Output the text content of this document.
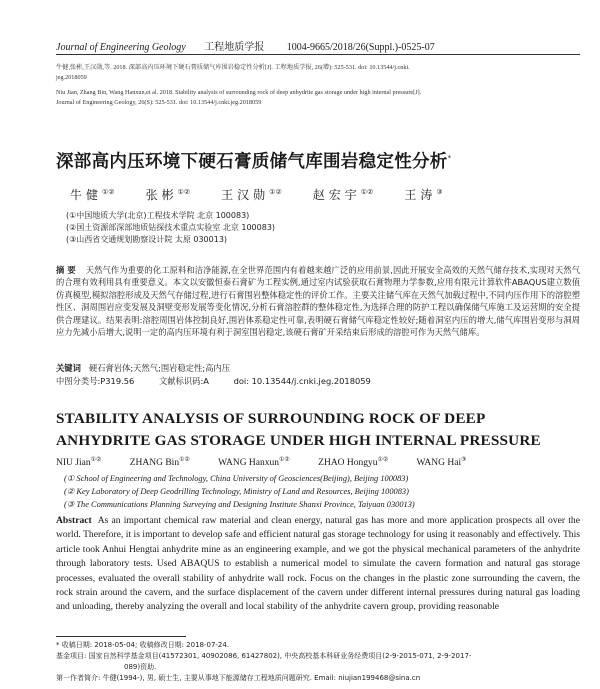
Journal of Engineering Geology 工程地质学报 1004-9665/2018/26(Suppl.)-0525-07

牛健,张彬,王汉勋,等. 2018. 深部高内压环境下硬石膏质储气库围岩稳定性分析[J]. 工程地质学报, 26(增): 525-531. doi: 10.13544/j.cnki.

jeg.2018059

Niu Jian, Zhang Bin, Wang Hanxun,et al. 2018. Stability analysis of surrounding rock of deep anhydrite gas storage under high internal pressure[J].

Journal of Engineering Geology, 26(S): 525-531. doi: 10.13544/j.cnki.jeg.2018059

深部高内压环境下硬石膏质储气库围岩稳定性分析*
牛健①②	张彬①②	王汉勋①②	赵宏宇①②	王涛③

(①中国地质大学(北京)工程技术学院 北京 100083)

(②国土资源部深部地质钻探技术重点实验室 北京 100083)

(③山西省交通规划勘察设计院 太原 030013)

摘 要 天然气作为重要的化工原料和洁净能源,在全世界范围内有着越来越广泛的应用前景,因此开展安全高效的天然气储存技术,实现对天然气的合理有效利用具有重要意义。本文以安徽恒泰石膏矿为工程实例,通过室内试验获取石膏物理力学参数,应用有限元计算软件ABAQUS建立数值仿真模型,模拟溶腔形成及天然气存储过程,进行石膏围岩整体稳定性的评价工作。主要关注储气库在天然气加载过程中,不同内压作用下的溶腔塑性区、洞周围岩应变发展及洞壁变形发展等变化情况,分析石膏溶腔群的整体稳定性,为选择合理的防护工程以确保储气库施工及运营期的安全提供合理建议。结果表明:溶腔周围岩体控制良好,围岩体系稳定性可靠,表明硬石膏储气库稳定性较好;随着洞室内压的增大,储气库围岩变形与洞周应力先减小后增大,说明一定的高内压环境有利于洞室围岩稳定,该硬石膏矿开采结束后形成的溶腔可作为天然气储库。
关键词 硬石膏岩体;天然气;围岩稳定性;高内压
中图分类号:P319.56	文献标识码:A	doi: 10.13544/j.cnki.jeg.2018059
STABILITY ANALYSIS OF SURROUNDING ROCK OF DEEP ANHYDRITE GAS STORAGE UNDER HIGH INTERNAL PRESSURE
NIU Jian①②	ZHANG Bin①②	WANG Hanxun①②	ZHAO Hongyu①②	WANG Hai③

(① School of Engineering and Technology, China University of Geosciences(Beijing), Beijing 100083)

(② Key Laboratory of Deep Geodrilling Technology, Ministry of Land and Resources, Beijing 100083)

(③ The Communications Planning Surveying and Designing Institute Shanxi Province, Taiyuan 030013)

Abstract As an important chemical raw material and clean energy, natural gas has more and more application prospects all over the world. Therefore, it is important to develop safe and efficient natural gas storage technology for using it reasonably and effectively. This article took Anhui Hengtai anhydrite mine as an engineering example, and we got the physical mechanical parameters of the anhydrite through laboratory tests. Used ABAQUS to establish a numerical model to simulate the cavern formation and natural gas storage processes, evaluated the overall stability of anhydrite wall rock. Focus on the changes in the plastic zone surrounding the cavern, the rock strain around the cavern, and the surface displacement of the cavern under different internal pressures during natural gas loading and unloading, thereby analyzing the overall and local stability of the anhydrite cavern group, providing reasonable

* 收稿日期: 2018-05-04; 收稿修改日期: 2018-07-24.

基金项目: 国家自然科学基金项目(41572301, 40902086, 61427802), 中央高校基本科研业务经费项目(2-9-2015-071, 2-9-2017-

089)资助.

第一作者简介: 牛健(1994-), 男, 硕士生, 主要从事地下能源储存工程地质问题研究. Email: niujian199468@sina.cn
